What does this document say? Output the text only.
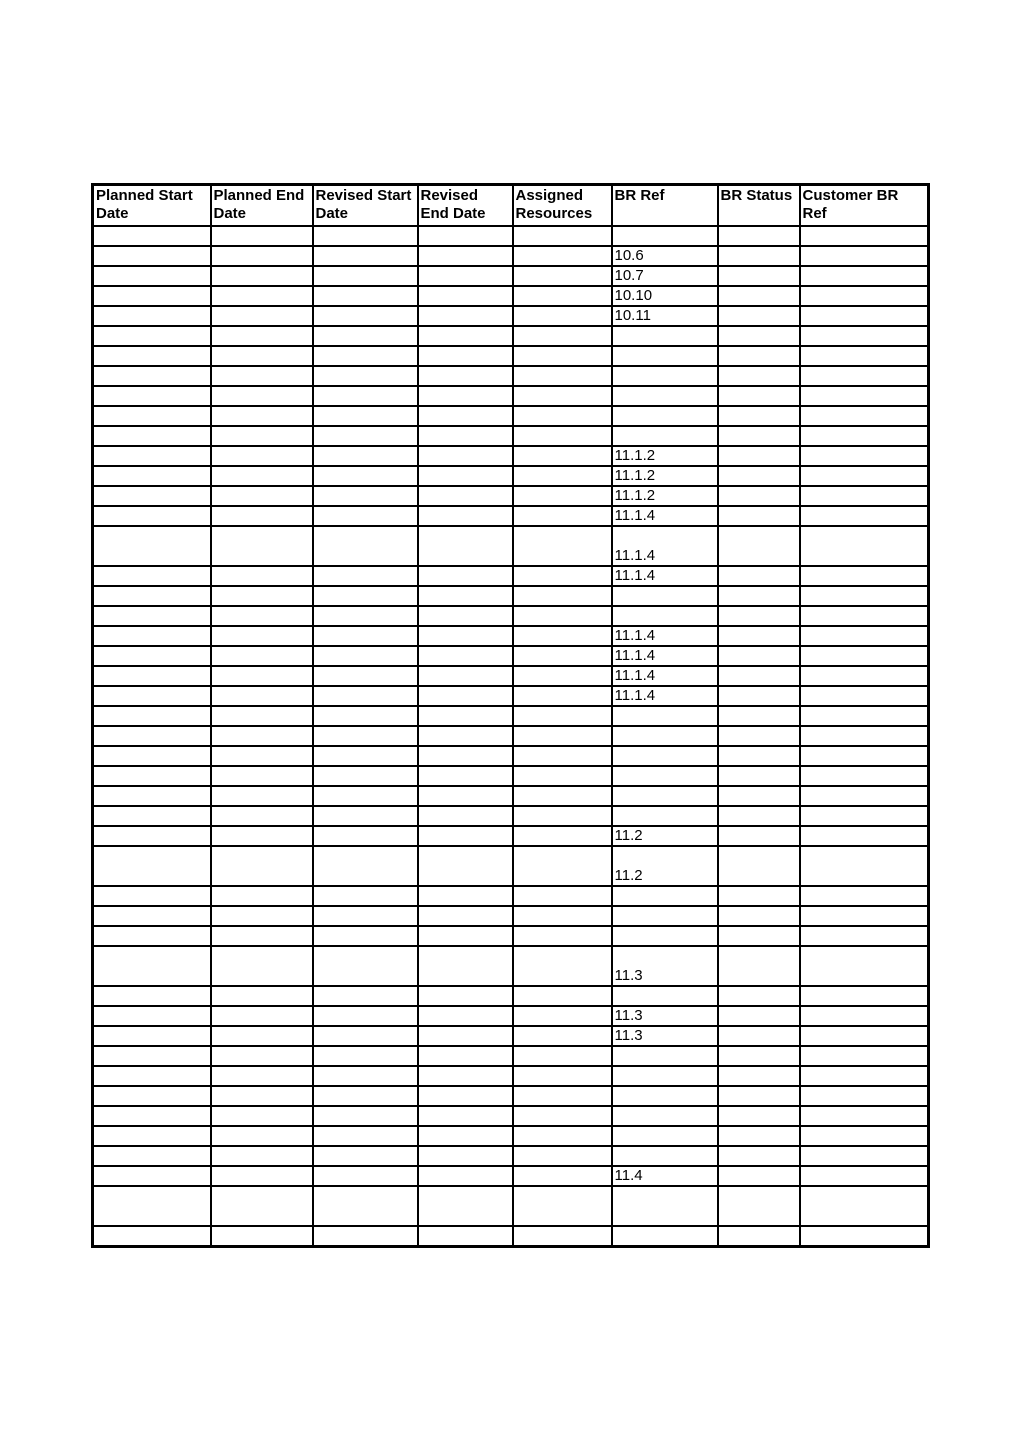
Planned Start Date	Planned End Date	Revised Start Date	Revised End Date	Assigned Resources	BR Ref	BR Status	Customer BR Ref

					10.6		
					10.7		
					10.10		
					10.11		

					11.1.2		
					11.1.2		
					11.1.2		
					11.1.4		
					11.1.4		
					11.1.4		

					11.1.4		
					11.1.4		
					11.1.4		
					11.1.4		

					11.2		
					11.2		

					11.3		

					11.3		
					11.3		

					11.4		
